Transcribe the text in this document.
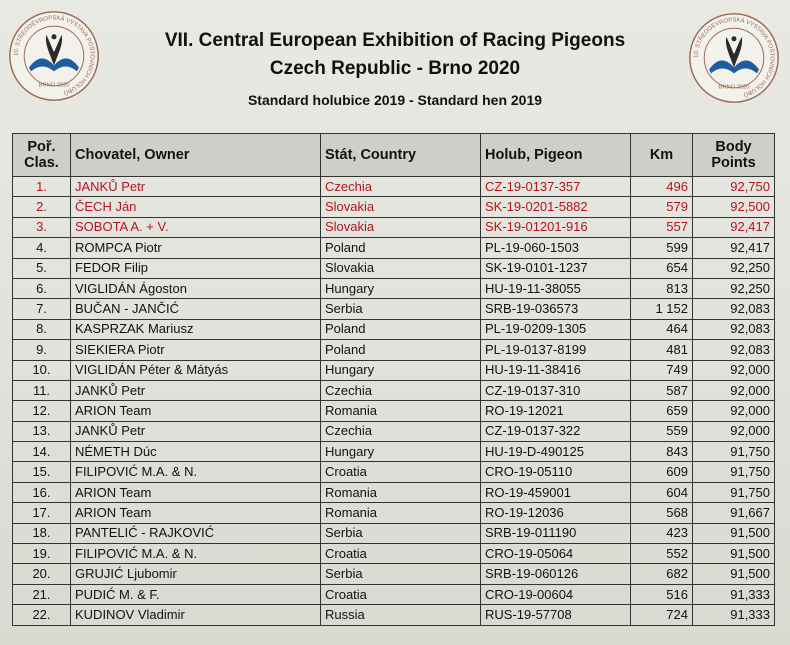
10. STŘEDOEVROPSKÁ VÝSTAVA POŠTOVNÍCH HOLUBŮ
BRNO 2020
10. STŘEDOEVROPSKÁ VÝSTAVA POŠTOVNÍCH HOLUBŮ
BRNO 2020
VII. Central European Exhibition of Racing Pigeons
Czech Republic - Brno 2020
Standard holubice 2019 - Standard hen 2019
Poř.
Clas.	Chovatel, Owner	Stát, Country	Holub, Pigeon	Km	Body
Points
1.	JANKŮ Petr	Czechia	CZ-19-0137-357	496	92,750
2.	ČECH Ján	Slovakia	SK-19-0201-5882	579	92,500
3.	SOBOTA A. + V.	Slovakia	SK-19-01201-916	557	92,417
4.	ROMPCA Piotr	Poland	PL-19-060-1503	599	92,417
5.	FEDOR Filip	Slovakia	SK-19-0101-1237	654	92,250
6.	VIGLIDÁN Ágoston	Hungary	HU-19-11-38055	813	92,250
7.	BUČAN - JANČIĆ	Serbia	SRB-19-036573	1 152	92,083
8.	KASPRZAK Mariusz	Poland	PL-19-0209-1305	464	92,083
9.	SIEKIERA Piotr	Poland	PL-19-0137-8199	481	92,083
10.	VIGLIDÁN Péter & Mátyás	Hungary	HU-19-11-38416	749	92,000
11.	JANKŮ Petr	Czechia	CZ-19-0137-310	587	92,000
12.	ARION Team	Romania	RO-19-12021	659	92,000
13.	JANKŮ Petr	Czechia	CZ-19-0137-322	559	92,000
14.	NÉMETH Dúc	Hungary	HU-19-D-490125	843	91,750
15.	FILIPOVIĆ M.A. & N.	Croatia	CRO-19-05110	609	91,750
16.	ARION Team	Romania	RO-19-459001	604	91,750
17.	ARION Team	Romania	RO-19-12036	568	91,667
18.	PANTELIĆ - RAJKOVIĆ	Serbia	SRB-19-011190	423	91,500
19.	FILIPOVIĆ M.A. & N.	Croatia	CRO-19-05064	552	91,500
20.	GRUJIĆ Ljubomir	Serbia	SRB-19-060126	682	91,500
21.	PUDIĆ M. & F.	Croatia	CRO-19-00604	516	91,333
22.	KUDINOV Vladimir	Russia	RUS-19-57708	724	91,333
